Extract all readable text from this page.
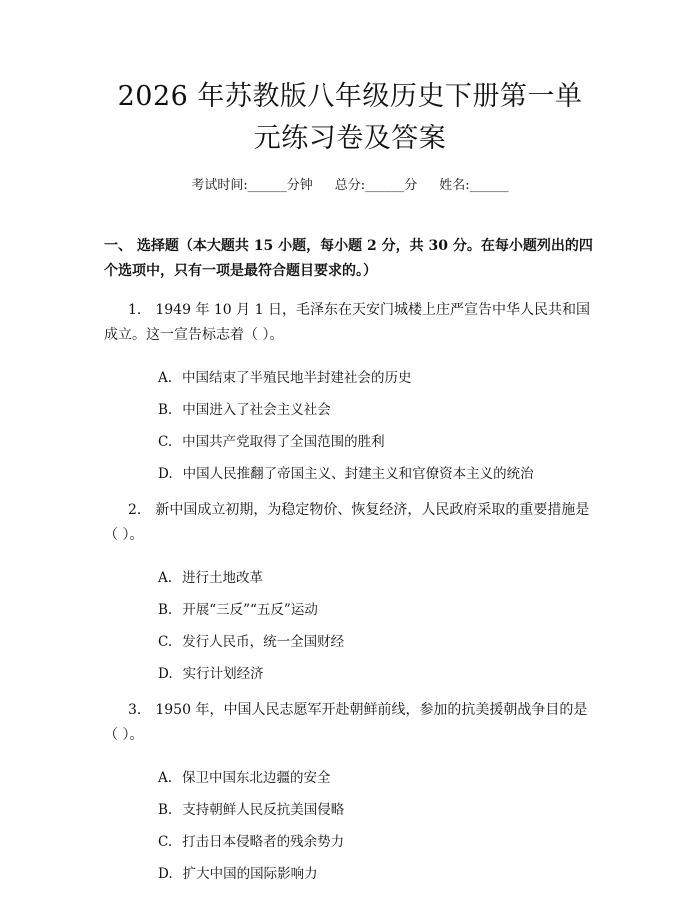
2026 年苏教版八年级历史下册第一单元练习卷及答案
考试时间:______分钟 总分:______分 姓名:______
一、 选择题（本大题共 15 小题，每小题 2 分，共 30 分。在每小题列出的四个选项中，只有一项是最符合题目要求的。）
1. 1949 年 10 月 1 日，毛泽东在天安门城楼上庄严宣告中华人民共和国成立。这一宣告标志着（ ）。
A. 中国结束了半殖民地半封建社会的历史
B. 中国进入了社会主义社会
C. 中国共产党取得了全国范围的胜利
D. 中国人民推翻了帝国主义、封建主义和官僚资本主义的统治
2. 新中国成立初期，为稳定物价、恢复经济，人民政府采取的重要措施是（ ）。
A. 进行土地改革
B. 开展“三反”“五反”运动
C. 发行人民币，统一全国财经
D. 实行计划经济
3. 1950 年，中国人民志愿军开赴朝鲜前线，参加的抗美援朝战争目的是（ ）。
A. 保卫中国东北边疆的安全
B. 支持朝鲜人民反抗美国侵略
C. 打击日本侵略者的残余势力
D. 扩大中国的国际影响力
